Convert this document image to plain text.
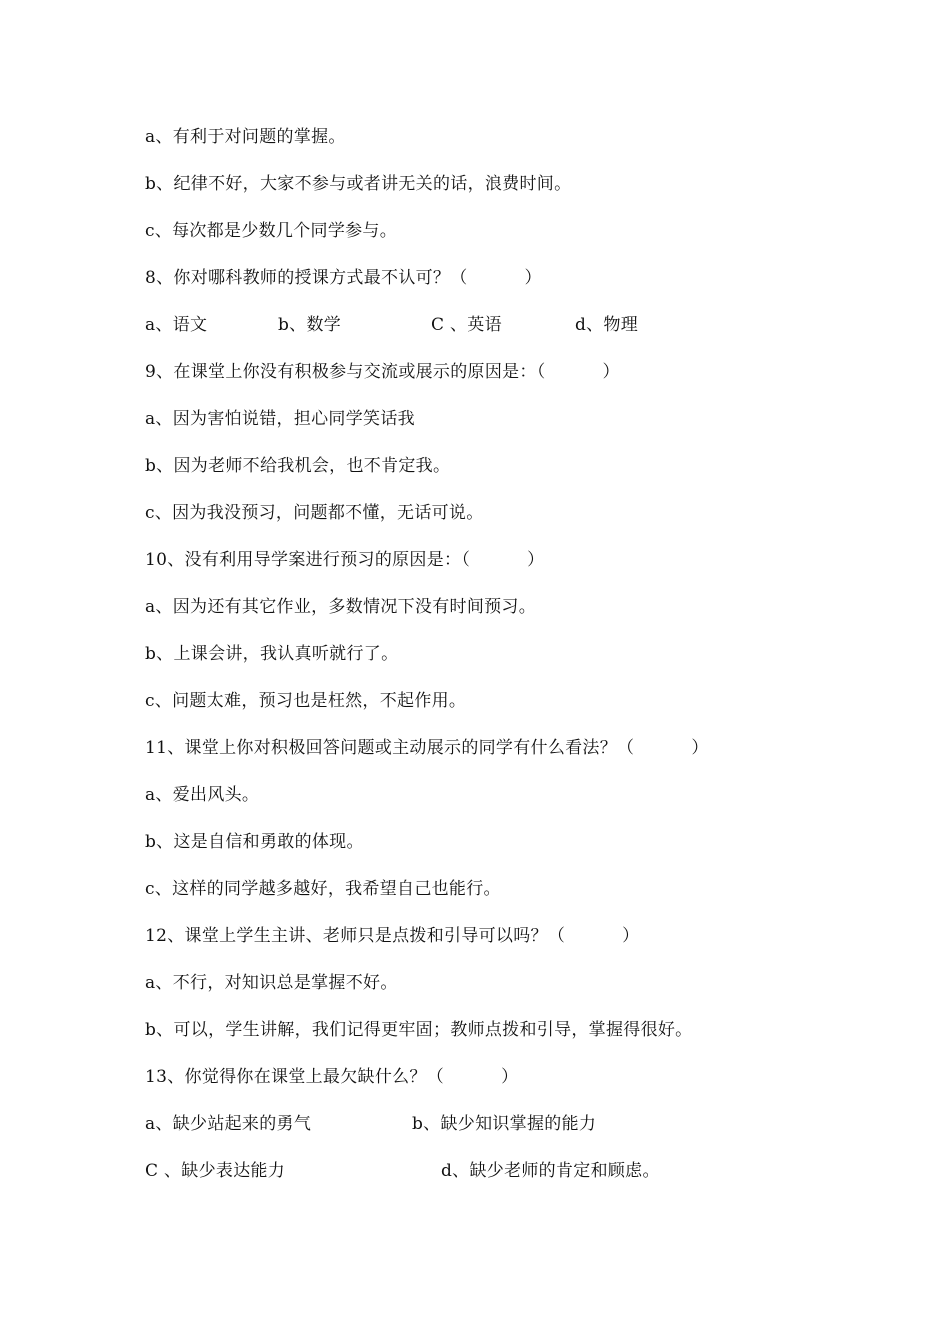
a、有利于对问题的掌握。
b、纪律不好，大家不参与或者讲无关的话，浪费时间。
c、每次都是少数几个同学参与。
8、你对哪科教师的授课方式最不认可？（          ）

a、语文

	b、数学

	C 、英语

	d、物理

9、在课堂上你没有积极参与交流或展示的原因是：（          ）
a、因为害怕说错，担心同学笑话我
b、因为老师不给我机会，也不肯定我。
c、因为我没预习，问题都不懂，无话可说。
10、没有利用导学案进行预习的原因是：（          ）
a、因为还有其它作业，多数情况下没有时间预习。
b、上课会讲，我认真听就行了。
c、问题太难，预习也是枉然，不起作用。
11、课堂上你对积极回答问题或主动展示的同学有什么看法？（          ）
a、爱出风头。
b、这是自信和勇敢的体现。
c、这样的同学越多越好，我希望自己也能行。
12、课堂上学生主讲、老师只是点拨和引导可以吗？（          ）
a、不行，对知识总是掌握不好。
b、可以，学生讲解，我们记得更牢固；教师点拨和引导，掌握得很好。
13、你觉得你在课堂上最欠缺什么？（          ）

a、缺少站起来的勇气

	b、缺少知识掌握的能力

C 、缺少表达能力

	d、缺少老师的肯定和顾虑。
